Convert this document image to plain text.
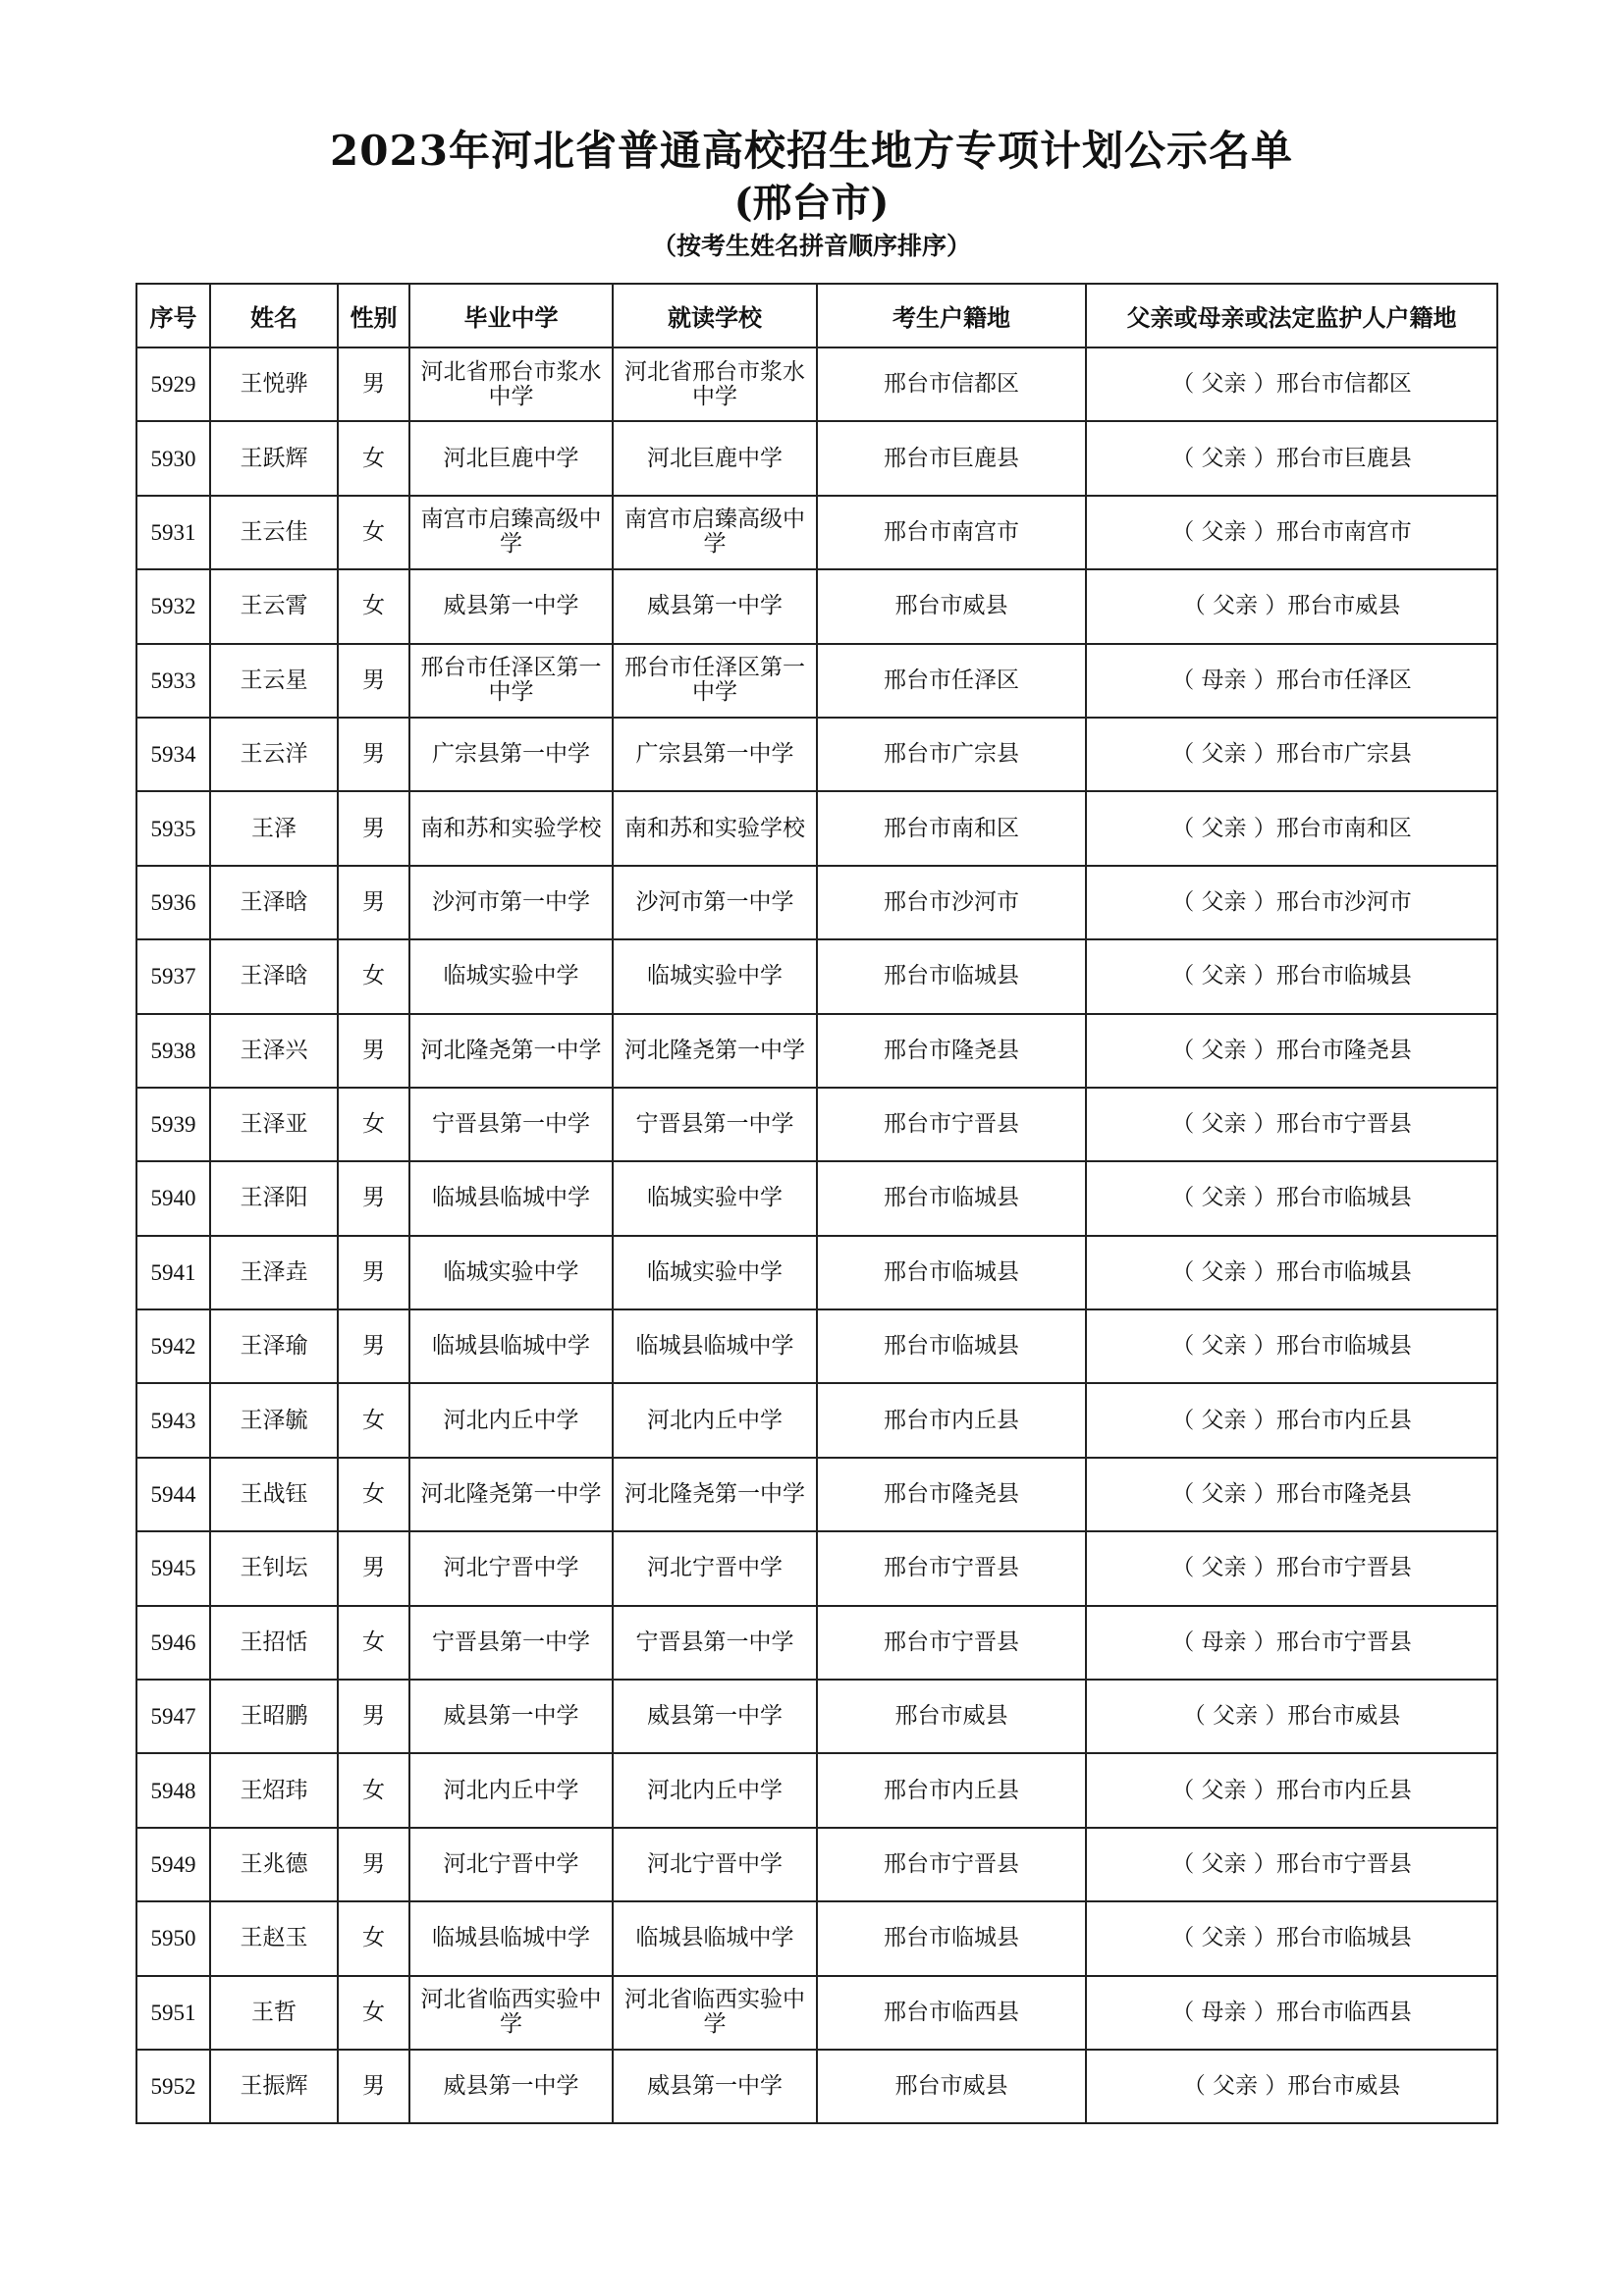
2023年河北省普通高校招生地方专项计划公示名单
(邢台市)
（按考生姓名拼音顺序排序）
序号	姓名	性别	毕业中学	就读学校	考生户籍地	父亲或母亲或法定监护人户籍地
5929	王悦骅	男	河北省邢台市浆水中学	河北省邢台市浆水中学	邢台市信都区	（ 父亲 ）邢台市信都区
5930	王跃辉	女	河北巨鹿中学	河北巨鹿中学	邢台市巨鹿县	（ 父亲 ）邢台市巨鹿县
5931	王云佳	女	南宫市启臻高级中学	南宫市启臻高级中学	邢台市南宫市	（ 父亲 ）邢台市南宫市
5932	王云霄	女	威县第一中学	威县第一中学	邢台市威县	（ 父亲 ）邢台市威县
5933	王云星	男	邢台市任泽区第一中学	邢台市任泽区第一中学	邢台市任泽区	（ 母亲 ）邢台市任泽区
5934	王云洋	男	广宗县第一中学	广宗县第一中学	邢台市广宗县	（ 父亲 ）邢台市广宗县
5935	王泽	男	南和苏和实验学校	南和苏和实验学校	邢台市南和区	（ 父亲 ）邢台市南和区
5936	王泽晗	男	沙河市第一中学	沙河市第一中学	邢台市沙河市	（ 父亲 ）邢台市沙河市
5937	王泽晗	女	临城实验中学	临城实验中学	邢台市临城县	（ 父亲 ）邢台市临城县
5938	王泽兴	男	河北隆尧第一中学	河北隆尧第一中学	邢台市隆尧县	（ 父亲 ）邢台市隆尧县
5939	王泽亚	女	宁晋县第一中学	宁晋县第一中学	邢台市宁晋县	（ 父亲 ）邢台市宁晋县
5940	王泽阳	男	临城县临城中学	临城实验中学	邢台市临城县	（ 父亲 ）邢台市临城县
5941	王泽垚	男	临城实验中学	临城实验中学	邢台市临城县	（ 父亲 ）邢台市临城县
5942	王泽瑜	男	临城县临城中学	临城县临城中学	邢台市临城县	（ 父亲 ）邢台市临城县
5943	王泽毓	女	河北内丘中学	河北内丘中学	邢台市内丘县	（ 父亲 ）邢台市内丘县
5944	王战钰	女	河北隆尧第一中学	河北隆尧第一中学	邢台市隆尧县	（ 父亲 ）邢台市隆尧县
5945	王钊坛	男	河北宁晋中学	河北宁晋中学	邢台市宁晋县	（ 父亲 ）邢台市宁晋县
5946	王招恬	女	宁晋县第一中学	宁晋县第一中学	邢台市宁晋县	（ 母亲 ）邢台市宁晋县
5947	王昭鹏	男	威县第一中学	威县第一中学	邢台市威县	（ 父亲 ）邢台市威县
5948	王炤玮	女	河北内丘中学	河北内丘中学	邢台市内丘县	（ 父亲 ）邢台市内丘县
5949	王兆德	男	河北宁晋中学	河北宁晋中学	邢台市宁晋县	（ 父亲 ）邢台市宁晋县
5950	王赵玉	女	临城县临城中学	临城县临城中学	邢台市临城县	（ 父亲 ）邢台市临城县
5951	王哲	女	河北省临西实验中学	河北省临西实验中学	邢台市临西县	（ 母亲 ）邢台市临西县
5952	王振辉	男	威县第一中学	威县第一中学	邢台市威县	（ 父亲 ）邢台市威县
